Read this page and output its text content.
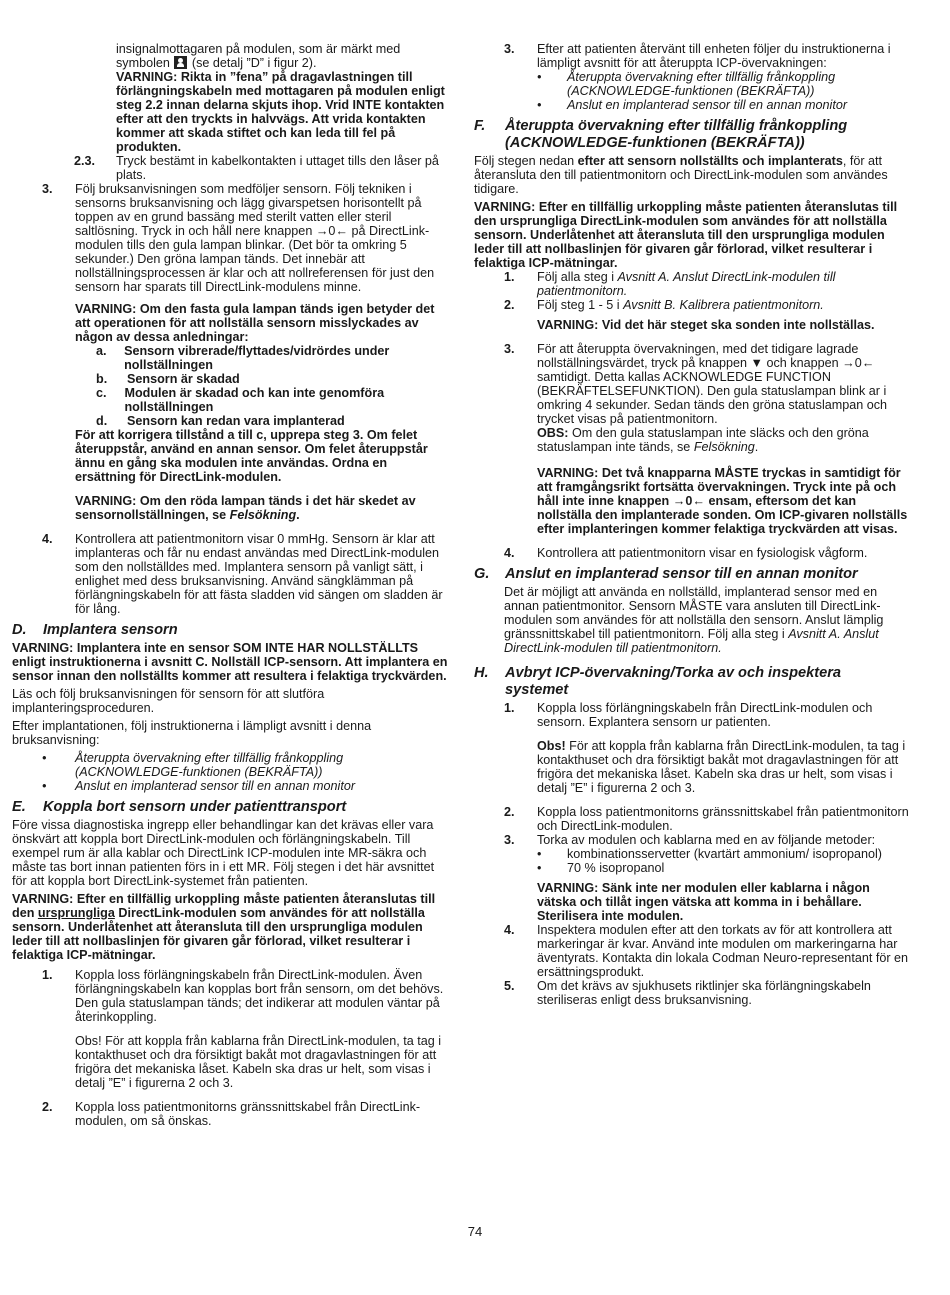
insignalmottagaren på modulen, som är märkt med

symbolen (se detalj ”D” i figur 2).

VARNING: Rikta in ”fena” på dragavlastningen till förlängningskabeln med mottagaren på modulen enligt steg 2.2 innan delarna skjuts ihop. Vrid INTE kontakten efter att den tryckts in halvvägs. Att vrida kontakten kommer att skada stiftet och kan leda till fel på produkten.

2.3.	Tryck bestämt in kabelkontakten i uttaget tills den låser på plats.
3.	Följ bruksanvisningen som medföljer sensorn. Följ tekniken i sensorns bruksanvisning och lägg givarspetsen horisontellt på toppen av en grund bassäng med sterilt vatten eller steril saltlösning. Tryck in och håll nere knappen →0← på DirectLink-modulen tills den gula lampan blinkar. (Det bör ta omkring 5 sekunder.) Den gröna lampan tänds. Det innebär att nollställningsprocessen är klar och att nollreferensen för just den sensorn har sparats till DirectLink-modulens minne.

VARNING: Om den fasta gula lampan tänds igen betyder det att operationen för att nollställa sensorn misslyckades av någon av dessa anledningar:

a.	Sensorn vibrerade/flyttades/vidrördes under nollställningen
b.	Sensorn är skadad
c.	Modulen är skadad och kan inte genomföra nollställningen
d.	Sensorn kan redan vara implanterad

För att korrigera tillstånd a till c, upprepa steg 3. Om felet återuppstår, använd en annan sensor. Om felet återuppstår ännu en gång ska modulen inte användas. Ordna en ersättning för DirectLink-modulen.

VARNING: Om den röda lampan tänds i det här skedet av sensornollställningen, se Felsökning.

4.	Kontrollera att patientmonitorn visar 0 mmHg. Sensorn är klar att implanteras och får nu endast användas med DirectLink-modulen som den nollställdes med. Implantera sensorn på vanligt sätt, i enlighet med dess bruksanvisning. Använd sängklämman på förlängningskabeln för att fästa sladden vid sängen om sladden är för lång.
D.	Implantera sensorn

VARNING: Implantera inte en sensor SOM INTE HAR NOLLSTÄLLTS enligt instruktionerna i avsnitt C. Nollställ ICP-sensorn. Att implantera en sensor innan den nollställts kommer att resultera i felaktiga tryckvärden.

Läs och följ bruksanvisningen för sensorn för att slutföra implanteringsproceduren.

Efter implantationen, följ instruktionerna i lämpligt avsnitt i denna bruksanvisning:

•	Återuppta övervakning efter tillfällig frånkoppling (ACKNOWLEDGE-funktionen (BEKRÄFTA))
•	Anslut en implanterad sensor till en annan monitor
E.	Koppla bort sensorn under patienttransport

Före vissa diagnostiska ingrepp eller behandlingar kan det krävas eller vara önskvärt att koppla bort DirectLink-modulen och förlängningskabeln. Till exempel rum är alla kablar och DirectLink ICP-modulen inte MR-säkra och måste tas bort innan patienten förs in i ett MR. Följ stegen i det här avsnittet för att koppla bort DirectLink-systemet från patienten.

VARNING: Efter en tillfällig urkoppling måste patienten återanslutas till den ursprungliga DirectLink-modulen som användes för att nollställa sensorn. Underlåtenhet att återansluta till den ursprungliga modulen leder till att nollbaslinjen för givaren går förlorad, vilket resulterar i felaktiga ICP-mätningar.

1.	Koppla loss förlängningskabeln från DirectLink-modulen. Även förlängningskabeln kan kopplas bort från sensorn, om det behövs. Den gula statuslampan tänds; det indikerar att modulen väntar på återinkoppling.

Obs! För att koppla från kablarna från DirectLink-modulen, ta tag i kontakthuset och dra försiktigt bakåt mot dragavlastningen för att frigöra det mekaniska låset. Kabeln ska dras ur helt, som visas i detalj ”E” i figurerna 2 och 3.

2.	Koppla loss patientmonitorns gränssnittskabel från DirectLink-modulen, om så önskas.
3.	Efter att patienten återvänt till enheten följer du instruktionerna i lämpligt avsnitt för att återuppta ICP-övervakningen:

•	Återuppta övervakning efter tillfällig frånkoppling (ACKNOWLEDGE-funktionen (BEKRÄFTA))
•	Anslut en implanterad sensor till en annan monitor
F.	Återuppta övervakning efter tillfällig frånkoppling
(ACKNOWLEDGE-funktionen (BEKRÄFTA))

Följ stegen nedan efter att sensorn nollställts och implanterats, för att återansluta den till patientmonitorn och DirectLink-modulen som användes tidigare.

VARNING: Efter en tillfällig urkoppling måste patienten återanslutas till den ursprungliga DirectLink-modulen som användes för att nollställa sensorn. Underlåtenhet att återansluta till den ursprungliga modulen leder till att nollbaslinjen för givaren går förlorad, vilket resulterar i felaktiga ICP-mätningar.

1.	Följ alla steg i Avsnitt A. Anslut DirectLink-modulen till patientmonitorn.
2.	Följ steg 1 - 5 i Avsnitt B. Kalibrera patientmonitorn.

VARNING: Vid det här steget ska sonden inte nollställas.

3.	För att återuppta övervakningen, med det tidigare lagrade nollställningsvärdet, tryck på knappen ▼ och knappen →0← samtidigt. Detta kallas ACKNOWLEDGE FUNCTION (BEKRÄFTELSEFUNKTION). Den gula statuslampan blink ar i omkring 4 sekunder. Sedan tänds den gröna statuslampan och trycket visas på patientmonitorn.

OBS: Om den gula statuslampan inte släcks och den gröna statuslampan inte tänds, se Felsökning.

VARNING: Det två knapparna MÅSTE tryckas in samtidigt för att framgångsrikt fortsätta övervakningen. Tryck inte på och håll inte inne knappen →0← ensam, eftersom det kan nollställa den implanterade sonden. Om ICP-givaren nollställs efter implanteringen kommer felaktiga tryckvärden att visas.

4.	Kontrollera att patientmonitorn visar en fysiologisk vågform.
G.	Anslut en implanterad sensor till en annan monitor

Det är möjligt att använda en nollställd, implanterad sensor med en annan patientmonitor. Sensorn MÅSTE vara ansluten till DirectLink-modulen som användes för att nollställa den sensorn. Anslut lämplig gränssnittskabel till patientmonitorn. Följ alla steg i Avsnitt A. Anslut DirectLink-modulen till patientmonitorn.

H.	Avbryt ICP-övervakning/Torka av och inspektera
systemet
1.	Koppla loss förlängningskabeln från DirectLink-modulen och sensorn. Explantera sensorn ur patienten.

Obs! För att koppla från kablarna från DirectLink-modulen, ta tag i kontakthuset och dra försiktigt bakåt mot dragavlastningen för att frigöra det mekaniska låset. Kabeln ska dras ur helt, som visas i detalj ”E” i figurerna 2 och 3.

2.	Koppla loss patientmonitorns gränssnittskabel från patientmonitorn och DirectLink-modulen.
3.	Torka av modulen och kablarna med en av följande metoder:

•	kombinationsservetter (kvartärt ammonium/ isopropanol)
•	70 % isopropanol

VARNING: Sänk inte ner modulen eller kablarna i någon vätska och tillåt ingen vätska att komma in i behållare. Sterilisera inte modulen.

4.	Inspektera modulen efter att den torkats av för att kontrollera att markeringar är kvar. Använd inte modulen om markeringarna har äventyrats. Kontakta din lokala Codman Neuro-representant för en ersättningsprodukt.
5.	Om det krävs av sjukhusets riktlinjer ska förlängningskabeln steriliseras enligt dess bruksanvisning.
74
